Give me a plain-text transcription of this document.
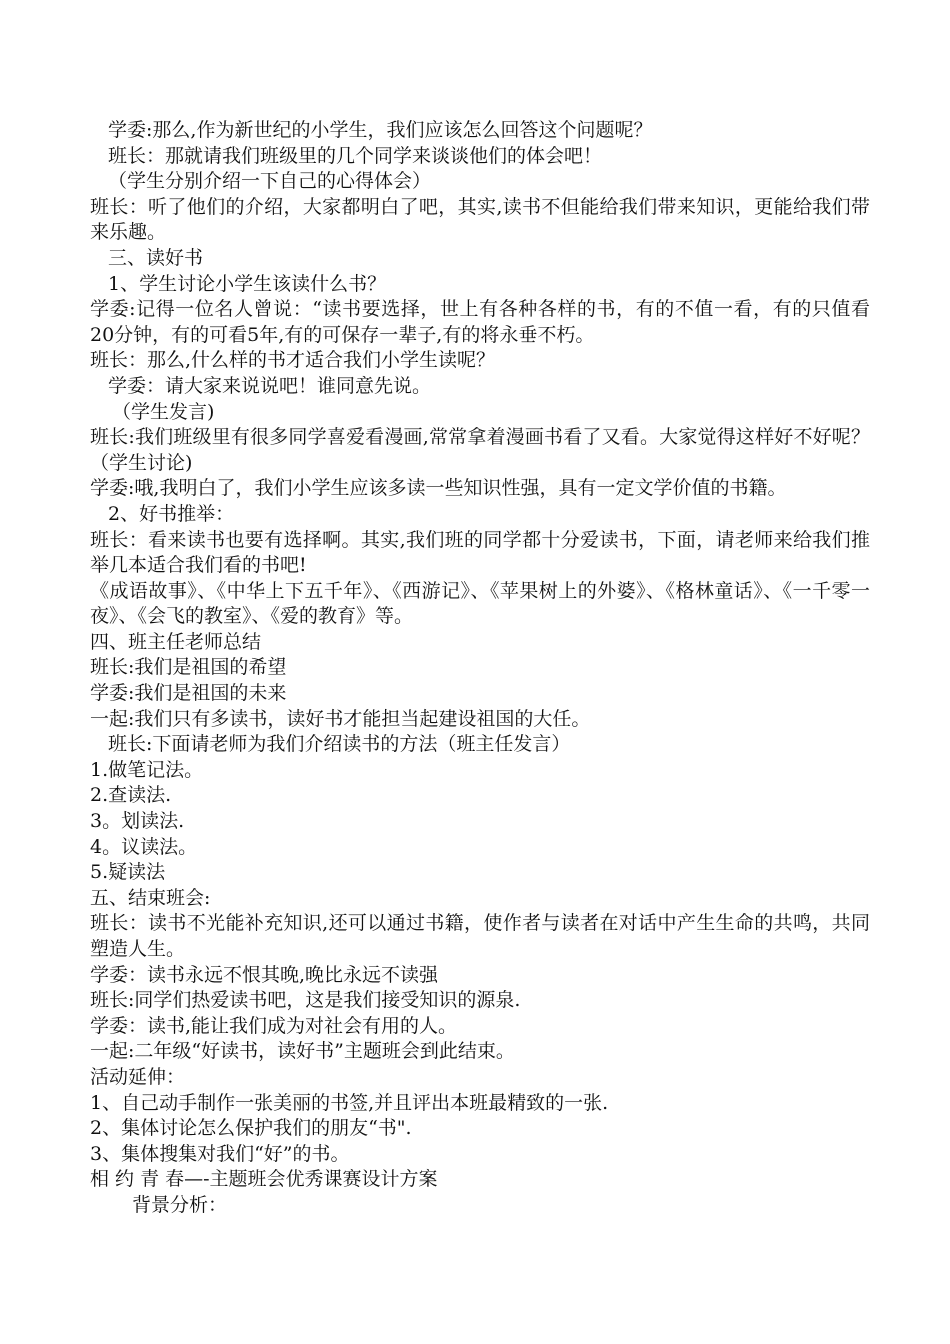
学委:那么,作为新世纪的小学生，我们应该怎么回答这个问题呢？

班长：那就请我们班级里的几个同学来谈谈他们的体会吧！

（学生分别介绍一下自己的心得体会）

班长：听了他们的介绍，大家都明白了吧，其实,读书不但能给我们带来知识，更能给我们带来乐趣。

三、读好书

1、学生讨论小学生该读什么书？

学委:记得一位名人曾说：“读书要选择，世上有各种各样的书，有的不值一看，有的只值看20分钟，有的可看5年,有的可保存一辈子,有的将永垂不朽。

班长：那么,什么样的书才适合我们小学生读呢？

学委：请大家来说说吧！谁同意先说。

（学生发言)

班长:我们班级里有很多同学喜爱看漫画,常常拿着漫画书看了又看。大家觉得这样好不好呢？（学生讨论)

学委:哦,我明白了，我们小学生应该多读一些知识性强，具有一定文学价值的书籍。

2、好书推举：

班长：看来读书也要有选择啊。其实,我们班的同学都十分爱读书，下面，请老师来给我们推举几本适合我们看的书吧!

《成语故事》、《中华上下五千年》、《西游记》、《苹果树上的外婆》、《格林童话》、《一千零一夜》、《会飞的教室》、《爱的教育》等。

四、班主任老师总结

班长:我们是祖国的希望

学委:我们是祖国的未来

一起:我们只有多读书，读好书才能担当起建设祖国的大任。

班长:下面请老师为我们介绍读书的方法（班主任发言）

1.做笔记法。

2.查读法.

3。划读法.

4。议读法。

5.疑读法

五、结束班会:

班长：读书不光能补充知识,还可以通过书籍，使作者与读者在对话中产生生命的共鸣，共同塑造人生。

学委：读书永远不恨其晚,晚比永远不读强

班长:同学们热爱读书吧，这是我们接受知识的源泉.

学委：读书,能让我们成为对社会有用的人。

一起:二年级“好读书，读好书”主题班会到此结束。

活动延伸：

1、自己动手制作一张美丽的书签,并且评出本班最精致的一张.

2、集体讨论怎么保护我们的朋友“书".

3、集体搜集对我们“好”的书。

相 约 青 春—-主题班会优秀课赛设计方案

背景分析：
